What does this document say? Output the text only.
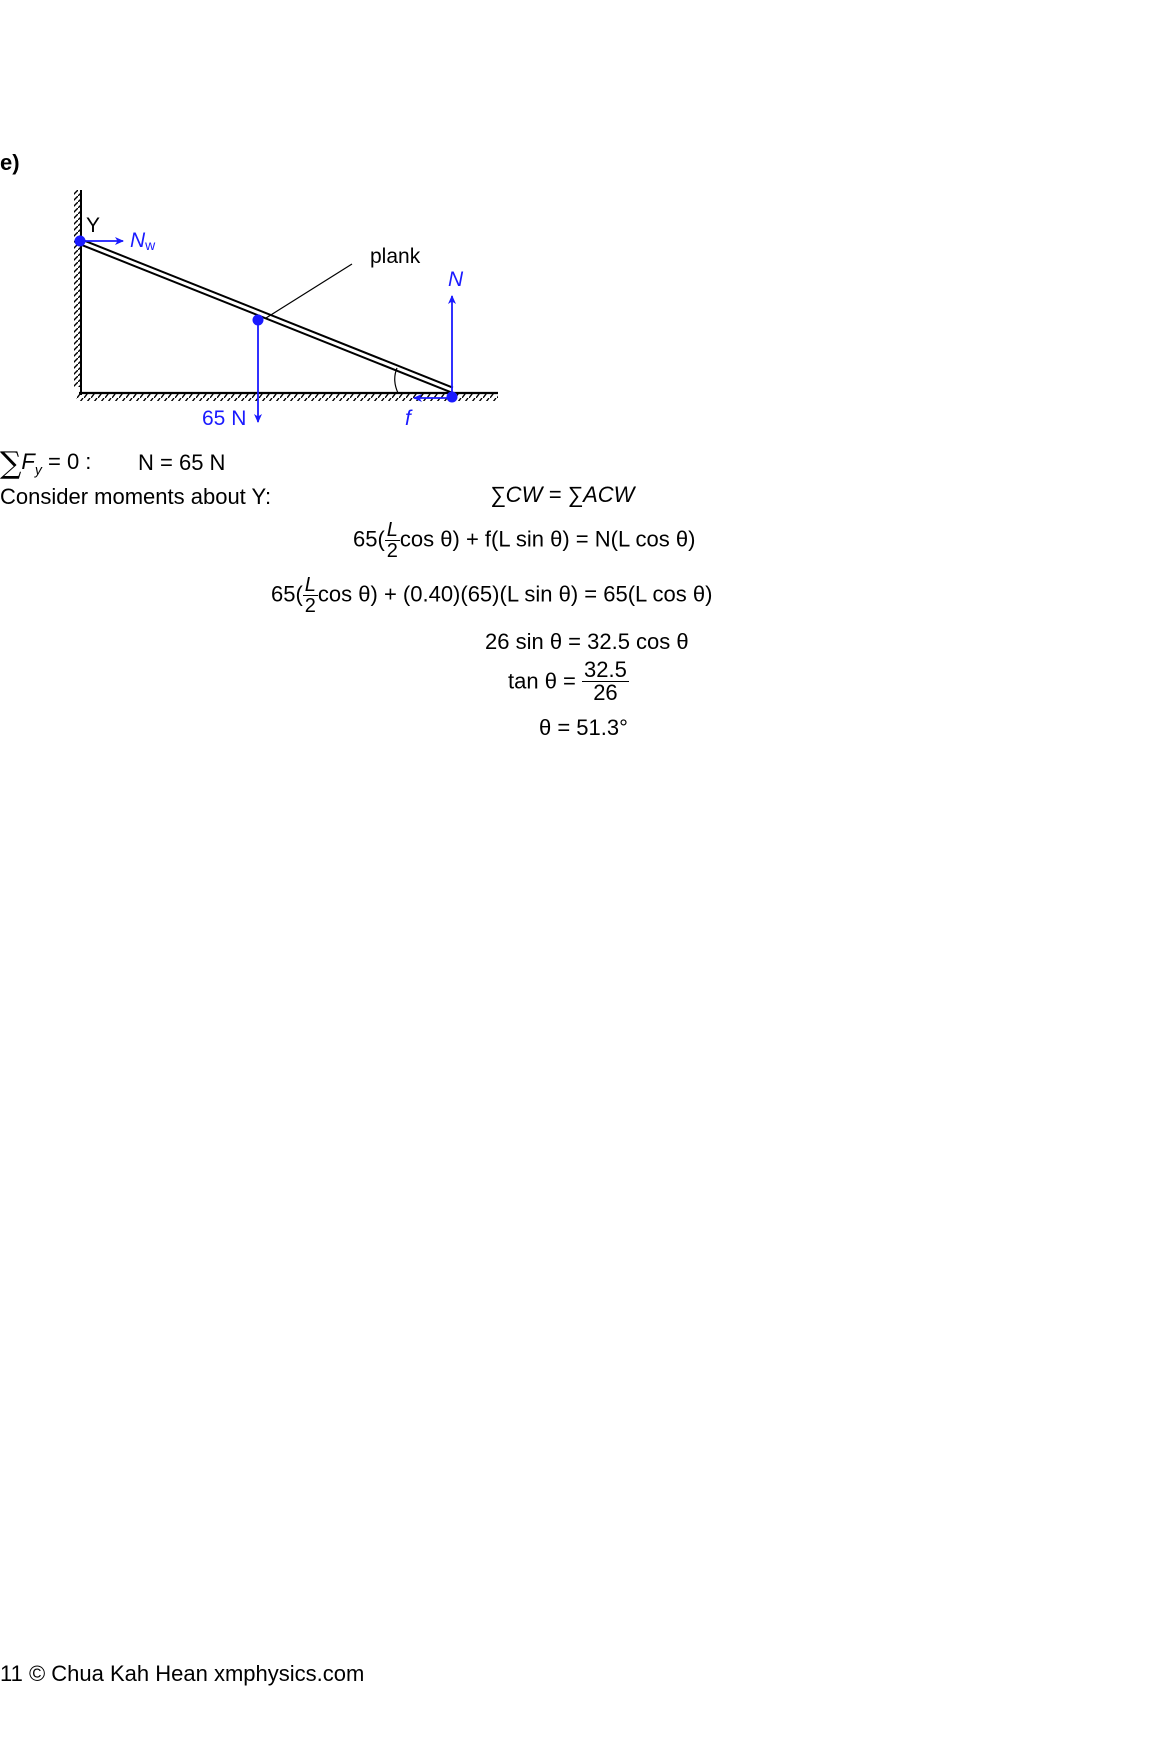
e)
plank
Y
Nw
65 N
N
f
$\sum F_y = 0$ : N = 65 N
Consider moments about Y:	∑CW = ∑ACW
$65( \frac{L}{2}$ cos θ) + f(L sin θ) = N(L cos θ)
$65( \frac{L}{2}$ cos θ) + (0.40)(65)(L sin θ) = 65(L cos θ)
26 sin θ = 32.5 cos θ
$\tan \theta = \frac{32.5}{26}$
θ = 51.3°
11 © Chua Kah Hean xmphysics.com
